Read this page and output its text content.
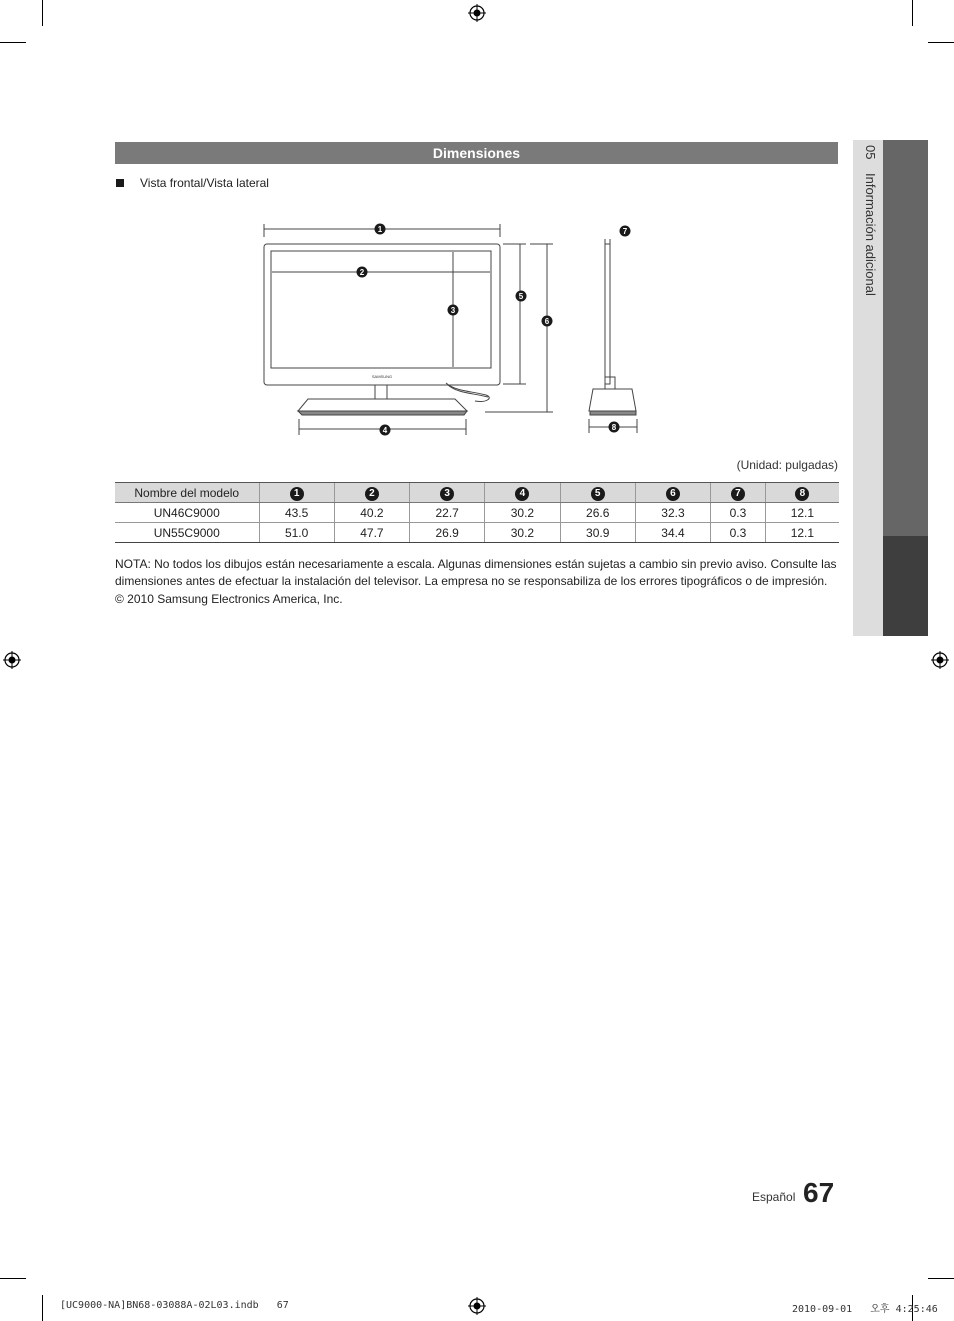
Dimensiones
Vista frontal/Vista lateral
SAMSUNG
1
2
3
4
5
6
7
8
(Unidad: pulgadas)
Nombre del modelo	1	2	3	4	5	6	7	8
UN46C9000	43.5	40.2	22.7	30.2	26.6	32.3	0.3	12.1
UN55C9000	51.0	47.7	26.9	30.2	30.9	34.4	0.3	12.1
NOTA: No todos los dibujos están necesariamente a escala. Algunas dimensiones están sujetas a cambio sin previo aviso. Consulte las dimensiones antes de efectuar la instalación del televisor. La empresa no se responsabiliza de los errores tipográficos o de impresión.
© 2010 Samsung Electronics America, Inc.
05 Información adicional
Español 67
[UC9000-NA]BN68-03088A-02L03.indb   67	2010-09-01   오후 4:25:46
